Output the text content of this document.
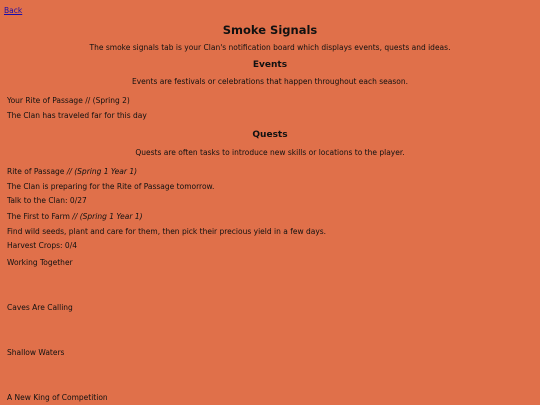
Back
Smoke Signals
The smoke signals tab is your Clan's notification board which displays events, quests and ideas.
Events
Events are festivals or celebrations that happen throughout each season.
Your Rite of Passage // (Spring 2)
The Clan has traveled far for this day
Quests
Quests are often tasks to introduce new skills or locations to the player.
Rite of Passage // (Spring 1 Year 1)
The Clan is preparing for the Rite of Passage tomorrow.
Talk to the Clan: 0/27
The First to Farm // (Spring 1 Year 1)
Find wild seeds, plant and care for them, then pick their precious yield in a few days.
Harvest Crops: 0/4
Working Together
Caves Are Calling
Shallow Waters
A New King of Competition
